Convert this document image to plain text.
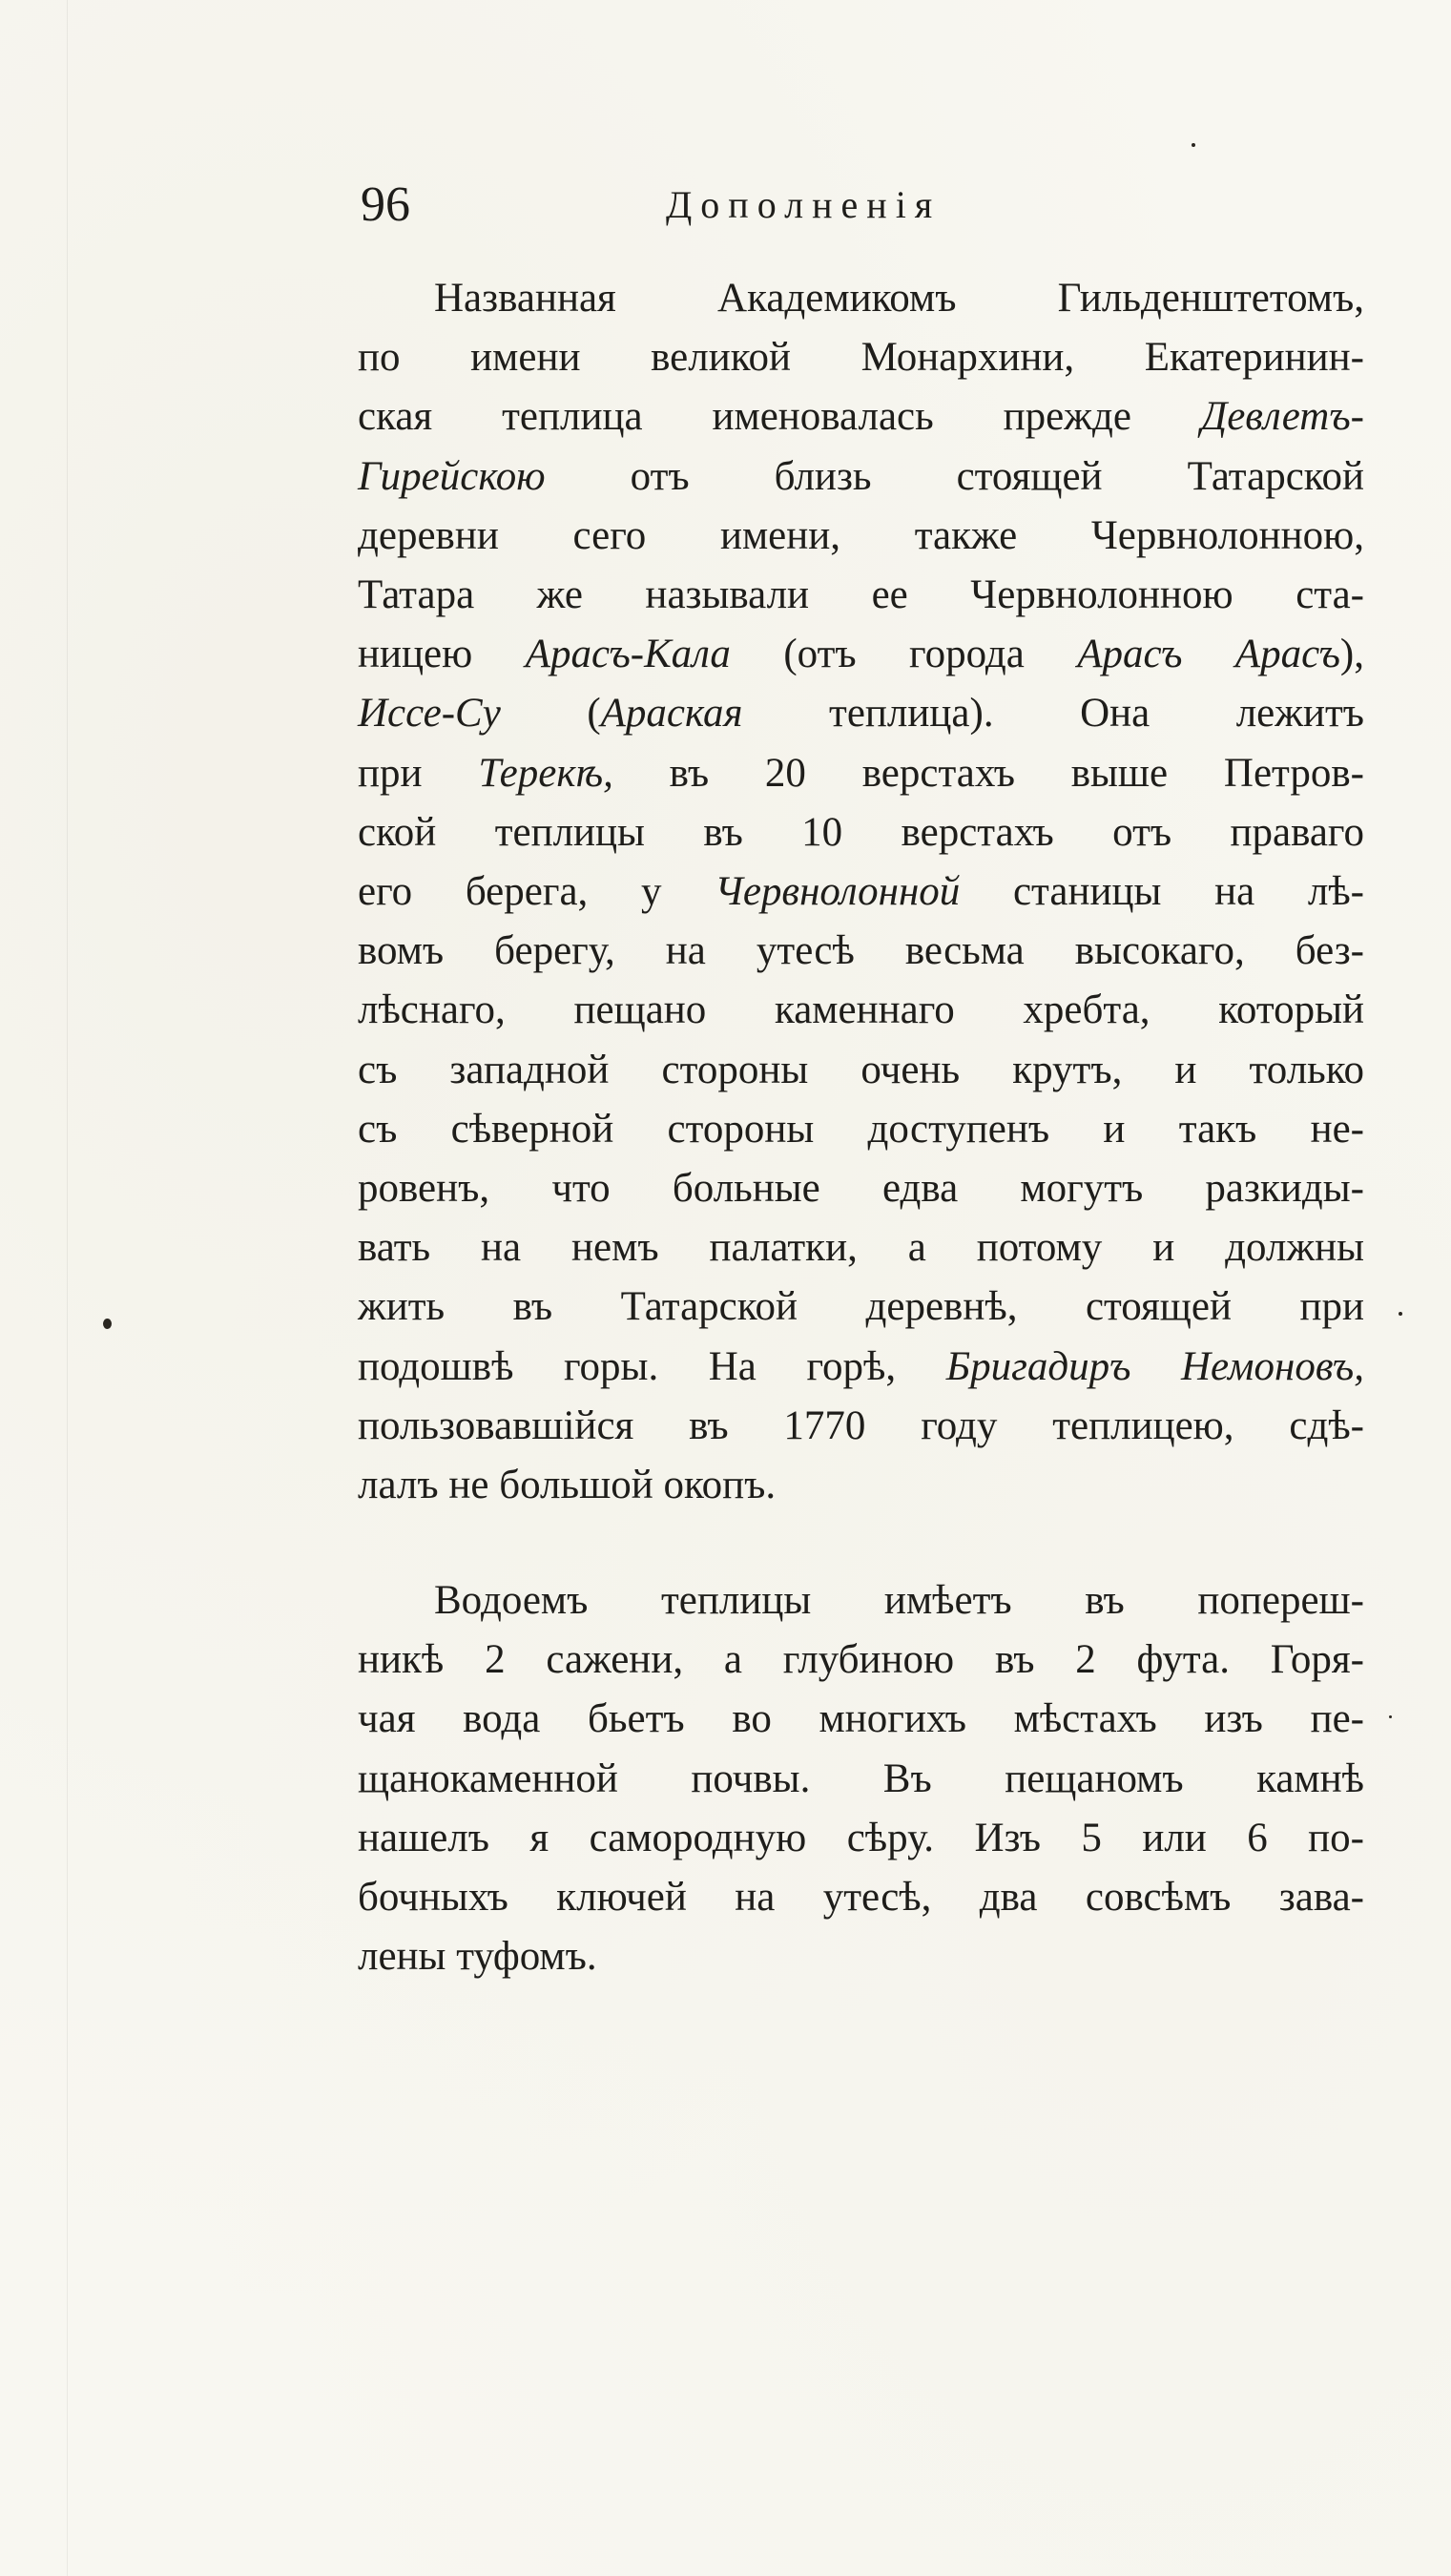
96	Дополненія
Названная Академикомъ Гильденштетомъ,
по имени великой Монархини, Екатеринин-
ская теплица именовалась прежде Девлетъ-
Гирейскою отъ близь стоящей Татарской
деревни сего имени, также Червнолонною,
Татара же называли ее Червнолонною ста-
ницею Арасъ-Кала (отъ города Арасъ Арасъ),
Иссе-Су (Араская теплица). Она лежитъ
при Терекѣ, въ 20 верстахъ выше Петров-
ской теплицы въ 10 верстахъ отъ праваго
его берега, у Червнолонной станицы на лѣ-
вомъ берегу, на утесѣ весьма высокаго, без-
лѣснаго, пещано каменнаго хребта, который
съ западной стороны очень крутъ, и только
съ сѣверной стороны доступенъ и такъ не-
ровенъ, что больные едва могутъ разкиды-
вать на немъ палатки, а потому и должны
жить въ Татарской деревнѣ, стоящей при
подошвѣ горы. На горѣ, Бригадиръ Немоновъ,
пользовавшійся въ 1770 году теплицею, сдѣ-
лалъ не большой окопъ.
Водоемъ теплицы имѣетъ въ попереш-
никѣ 2 сажени, а глубиною въ 2 фута. Горя-
чая вода бьетъ во многихъ мѣстахъ изъ пе-
щанокаменной почвы. Въ пещаномъ камнѣ
нашелъ я самородную сѣру. Изъ 5 или 6 по-
бочныхъ ключей на утесѣ, два совсѣмъ зава-
лены туфомъ.
